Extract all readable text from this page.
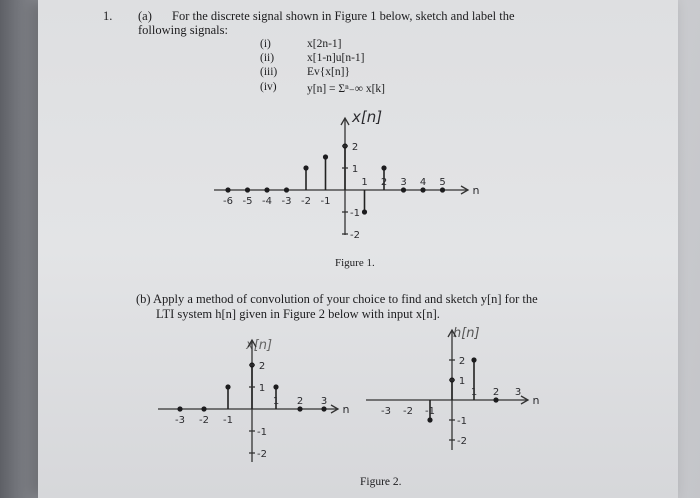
1. (a) For the discrete signal shown in Figure 1 below, sketch and label the
following signals:
(i)	x[2n-1]
(ii)	x[1-n]u[n-1]
(iii)	Ev{x[n]}
(iv)	y[n] = Σⁿ₋∞ x[k]
x[n]
2
1
-1
-2
-6 -5 -4 -3 -2 -1
1 2 3 4 5
n
Figure 1.
(b) Apply a method of convolution of your choice to find and sketch y[n] for the
LTI system h[n] given in Figure 2 below with input x[n].
x[n]
h[n]
2
1
-1
-2
-3 -2 -1
1 2 3
n
2
1
-1
-2
-3 -2 -1
1 2 3
n
Figure 2.
